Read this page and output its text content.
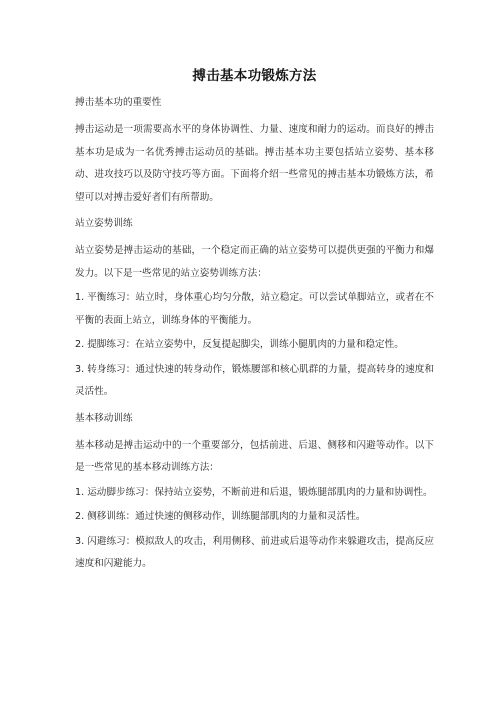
搏击基本功锻炼方法
搏击基本功的重要性
搏击运动是一项需要高水平的身体协调性、力量、速度和耐力的运动。而良好的搏击基本功是成为一名优秀搏击运动员的基础。搏击基本功主要包括站立姿势、基本移动、进攻技巧以及防守技巧等方面。下面将介绍一些常见的搏击基本功锻炼方法，希望可以对搏击爱好者们有所帮助。
站立姿势训练
站立姿势是搏击运动的基础，一个稳定而正确的站立姿势可以提供更强的平衡力和爆发力。以下是一些常见的站立姿势训练方法：
1. 平衡练习：站立时，身体重心均匀分散，站立稳定。可以尝试单脚站立，或者在不平衡的表面上站立，训练身体的平衡能力。
2. 提脚练习：在站立姿势中，反复提起脚尖，训练小腿肌肉的力量和稳定性。
3. 转身练习：通过快速的转身动作，锻炼腰部和核心肌群的力量，提高转身的速度和灵活性。
基本移动训练
基本移动是搏击运动中的一个重要部分，包括前进、后退、侧移和闪避等动作。以下是一些常见的基本移动训练方法：
1. 运动脚步练习：保持站立姿势，不断前进和后退，锻炼腿部肌肉的力量和协调性。
2. 侧移训练：通过快速的侧移动作，训练腿部肌肉的力量和灵活性。
3. 闪避练习：模拟敌人的攻击，利用侧移、前进或后退等动作来躲避攻击，提高反应速度和闪避能力。
